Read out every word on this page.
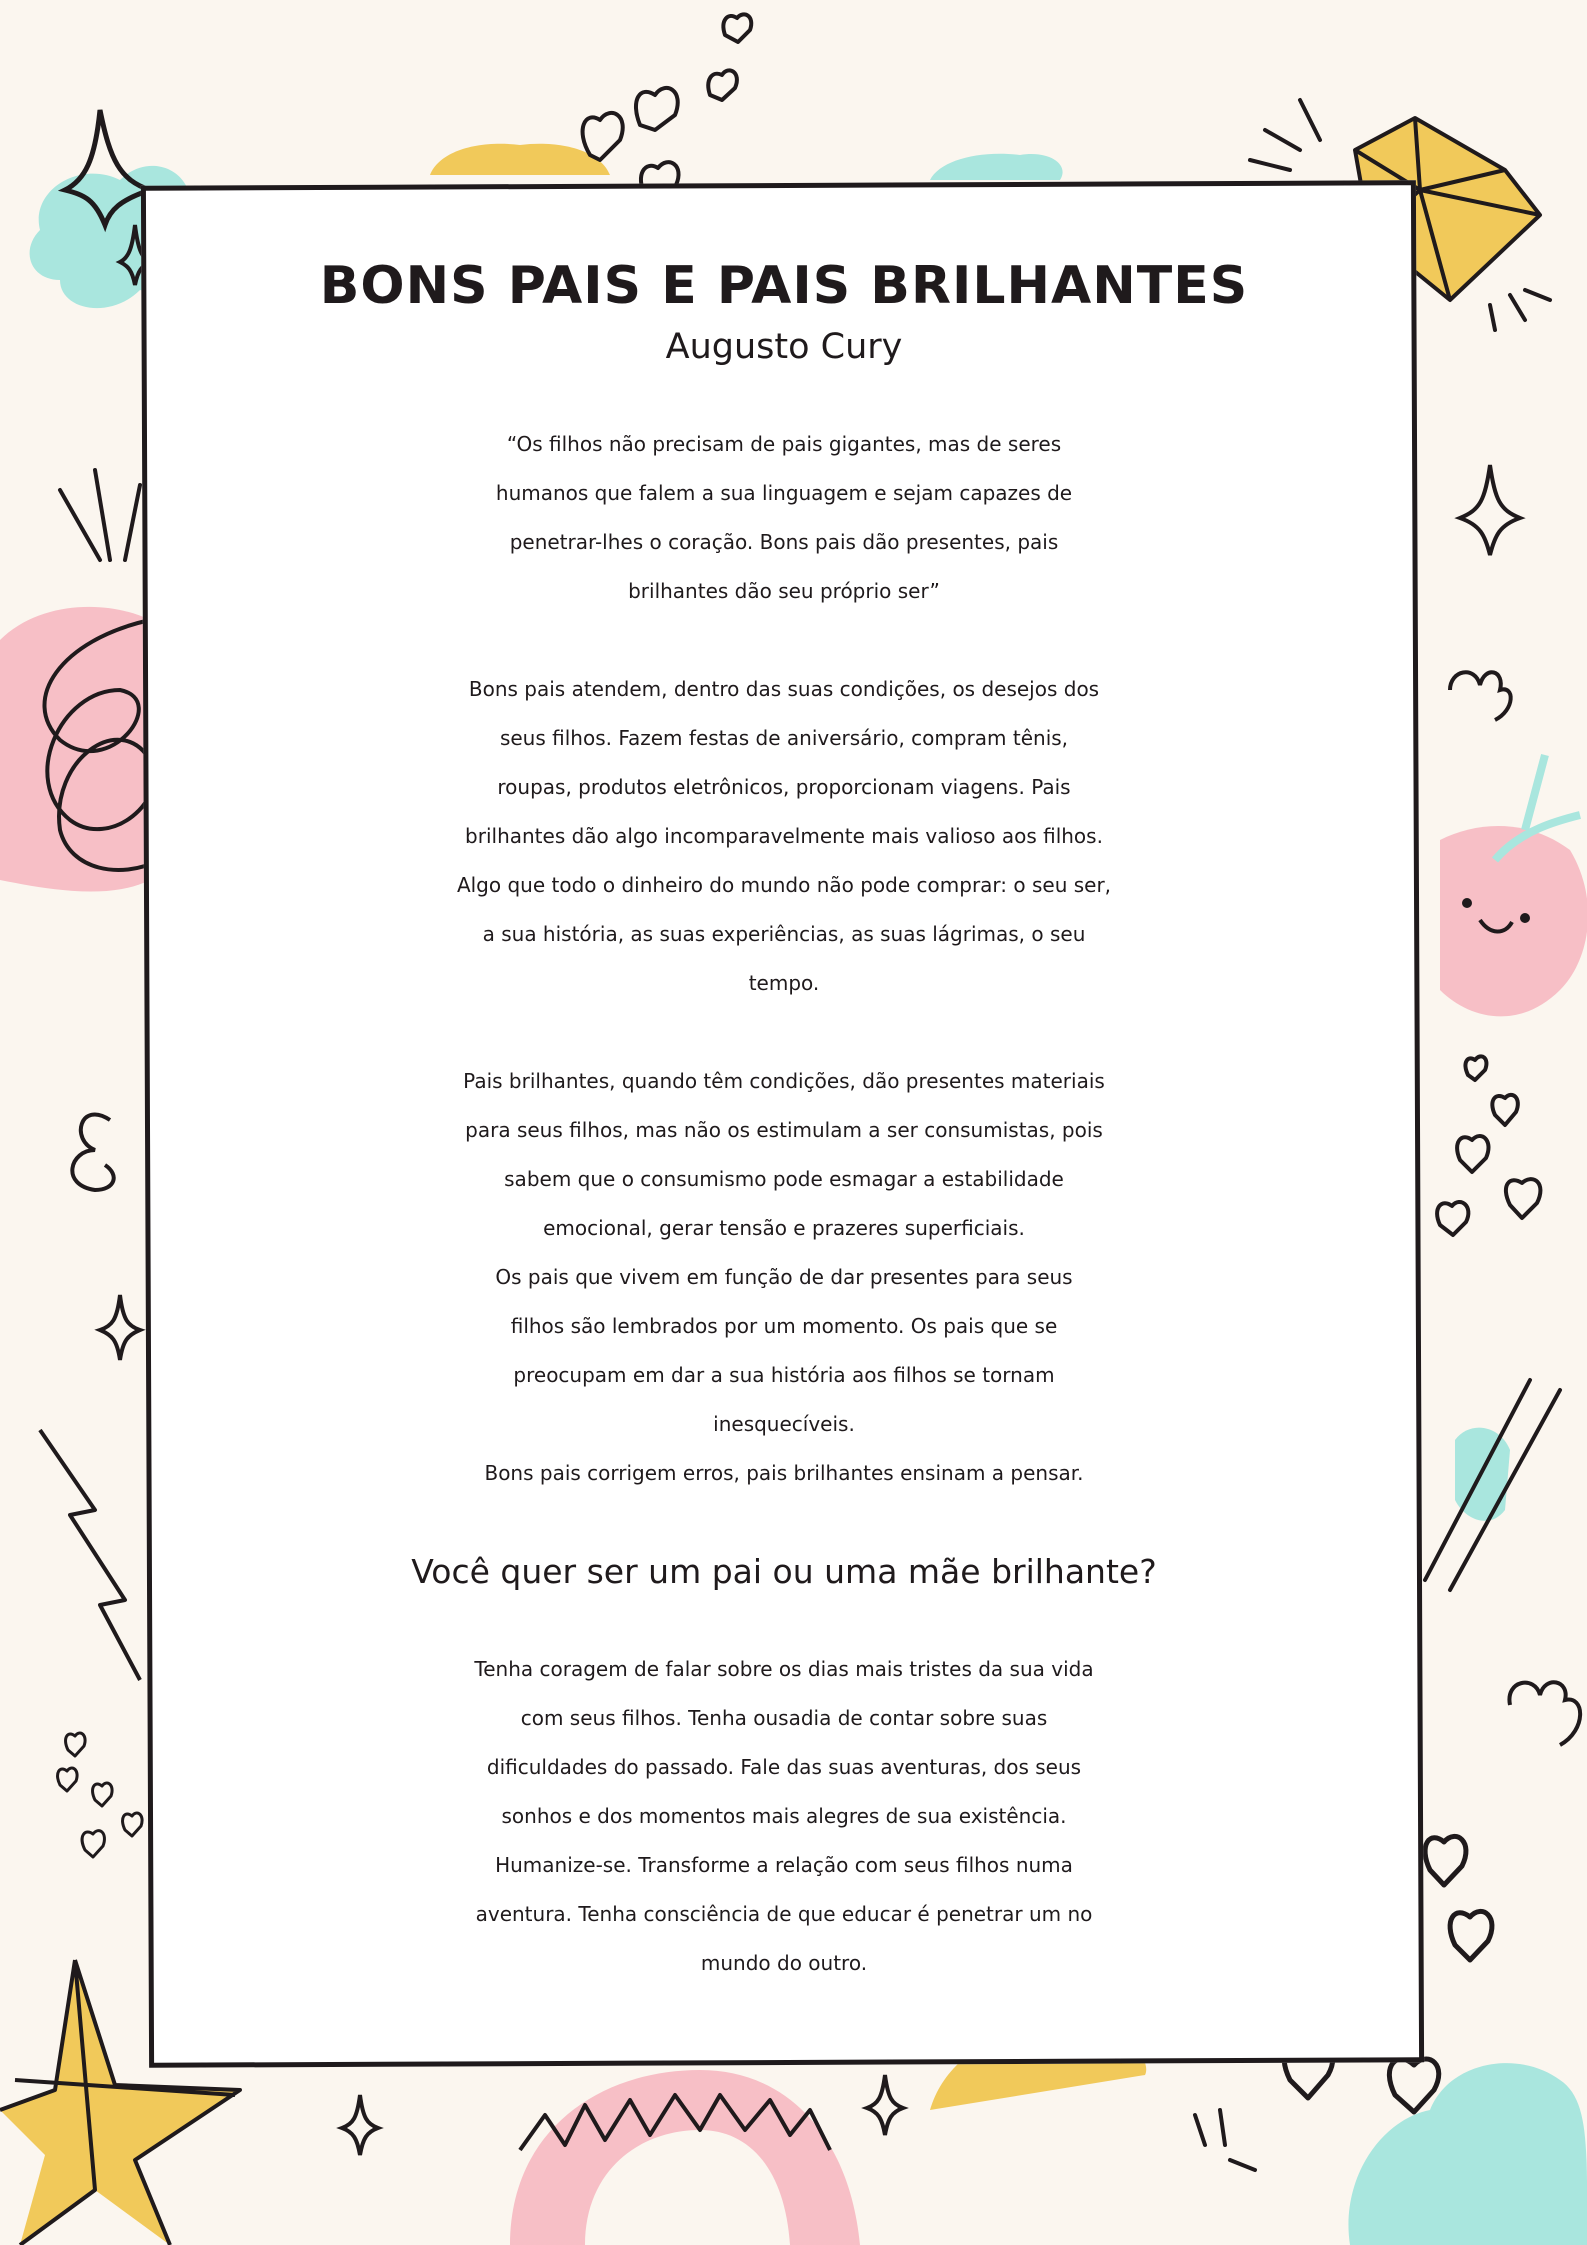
BONS PAIS E PAIS BRILHANTES

Augusto Cury

“Os filhos não precisam de pais gigantes, mas de seres
humanos que falem a sua linguagem e sejam capazes de
penetrar-lhes o coração. Bons pais dão presentes, pais
brilhantes dão seu próprio ser”

Bons pais atendem, dentro das suas condições, os desejos dos
seus filhos. Fazem festas de aniversário, compram tênis,
roupas, produtos eletrônicos, proporcionam viagens. Pais
brilhantes dão algo incomparavelmente mais valioso aos filhos.
Algo que todo o dinheiro do mundo não pode comprar: o seu ser,
a sua história, as suas experiências, as suas lágrimas, o seu
tempo.

Pais brilhantes, quando têm condições, dão presentes materiais
para seus filhos, mas não os estimulam a ser consumistas, pois
sabem que o consumismo pode esmagar a estabilidade
emocional, gerar tensão e prazeres superficiais.
Os pais que vivem em função de dar presentes para seus
filhos são lembrados por um momento. Os pais que se
preocupam em dar a sua história aos filhos se tornam
inesquecíveis.
Bons pais corrigem erros, pais brilhantes ensinam a pensar.

Você quer ser um pai ou uma mãe brilhante?

Tenha coragem de falar sobre os dias mais tristes da sua vida
com seus filhos. Tenha ousadia de contar sobre suas
dificuldades do passado. Fale das suas aventuras, dos seus
sonhos e dos momentos mais alegres de sua existência.
Humanize-se. Transforme a relação com seus filhos numa
aventura. Tenha consciência de que educar é penetrar um no
mundo do outro.
